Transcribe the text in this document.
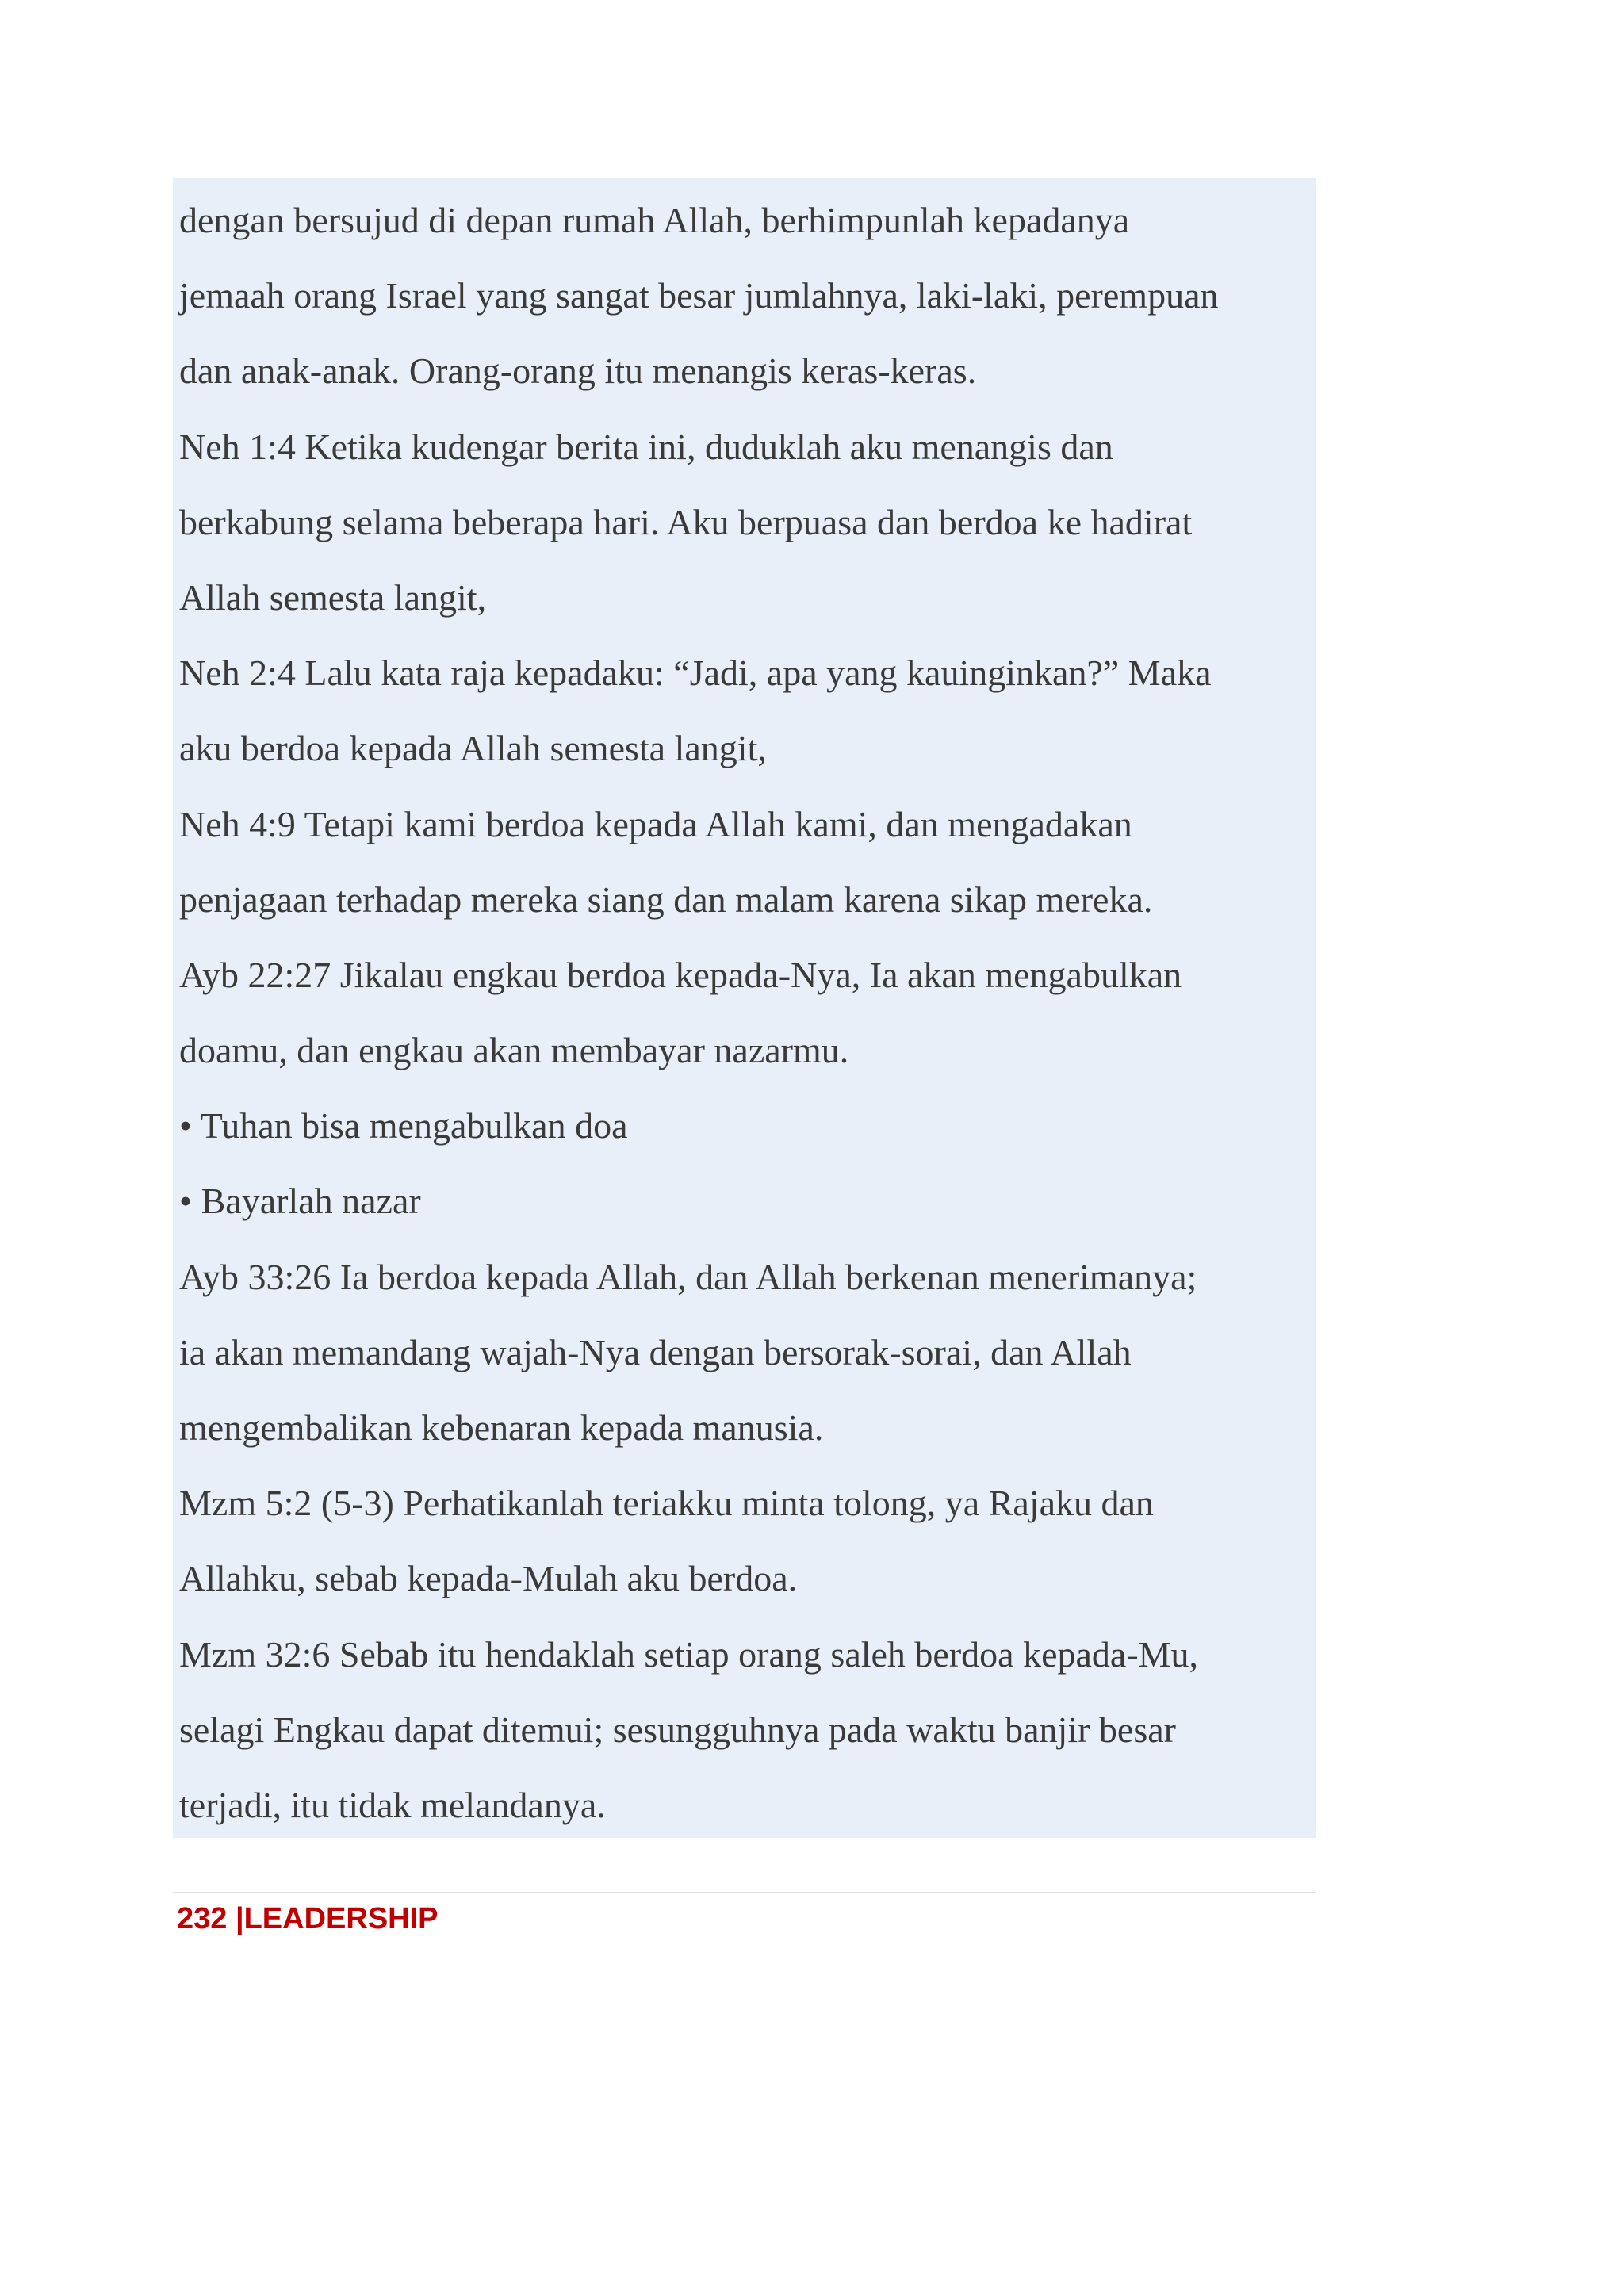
dengan bersujud di depan rumah Allah, berhimpunlah kepadanya
jemaah orang Israel yang sangat besar jumlahnya, laki-laki, perempuan
dan anak-anak. Orang-orang itu menangis keras-keras.
Neh 1:4 Ketika kudengar berita ini, duduklah aku menangis dan
berkabung selama beberapa hari. Aku berpuasa dan berdoa ke hadirat
Allah semesta langit,
Neh 2:4 Lalu kata raja kepadaku: “Jadi, apa yang kauinginkan?” Maka
aku berdoa kepada Allah semesta langit,
Neh 4:9 Tetapi kami berdoa kepada Allah kami, dan mengadakan
penjagaan terhadap mereka siang dan malam karena sikap mereka.
Ayb 22:27 Jikalau engkau berdoa kepada-Nya, Ia akan mengabulkan
doamu, dan engkau akan membayar nazarmu.
• Tuhan bisa mengabulkan doa
• Bayarlah nazar
Ayb 33:26 Ia berdoa kepada Allah, dan Allah berkenan menerimanya;
ia akan memandang wajah-Nya dengan bersorak-sorai, dan Allah
mengembalikan kebenaran kepada manusia.
Mzm 5:2 (5-3) Perhatikanlah teriakku minta tolong, ya Rajaku dan
Allahku, sebab kepada-Mulah aku berdoa.
Mzm 32:6 Sebab itu hendaklah setiap orang saleh berdoa kepada-Mu,
selagi Engkau dapat ditemui; sesungguhnya pada waktu banjir besar
terjadi, itu tidak melandanya.
232 |LEADERSHIP
